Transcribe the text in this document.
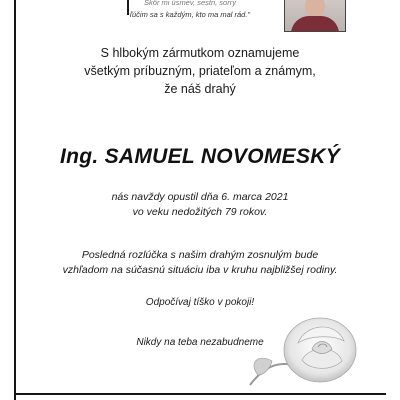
Skôr mi úsmev, sestri, sorry
ľúčim sa s každým, kto ma mal rád."
S hlbokým zármutkom oznamujeme
všetkým príbuzným, priateľom a známym,
že náš drahý
Ing. SAMUEL NOVOMESKÝ
nás navždy opustil dňa 6. marca 2021
vo veku nedožitých 79 rokov.
Posledná rozlúčka s našim drahým zosnulým bude
vzhľadom na súčasnú situáciu iba v kruhu najbližšej rodiny.
Odpočívaj tíško v pokoji!
Nikdy na teba nezabudneme
